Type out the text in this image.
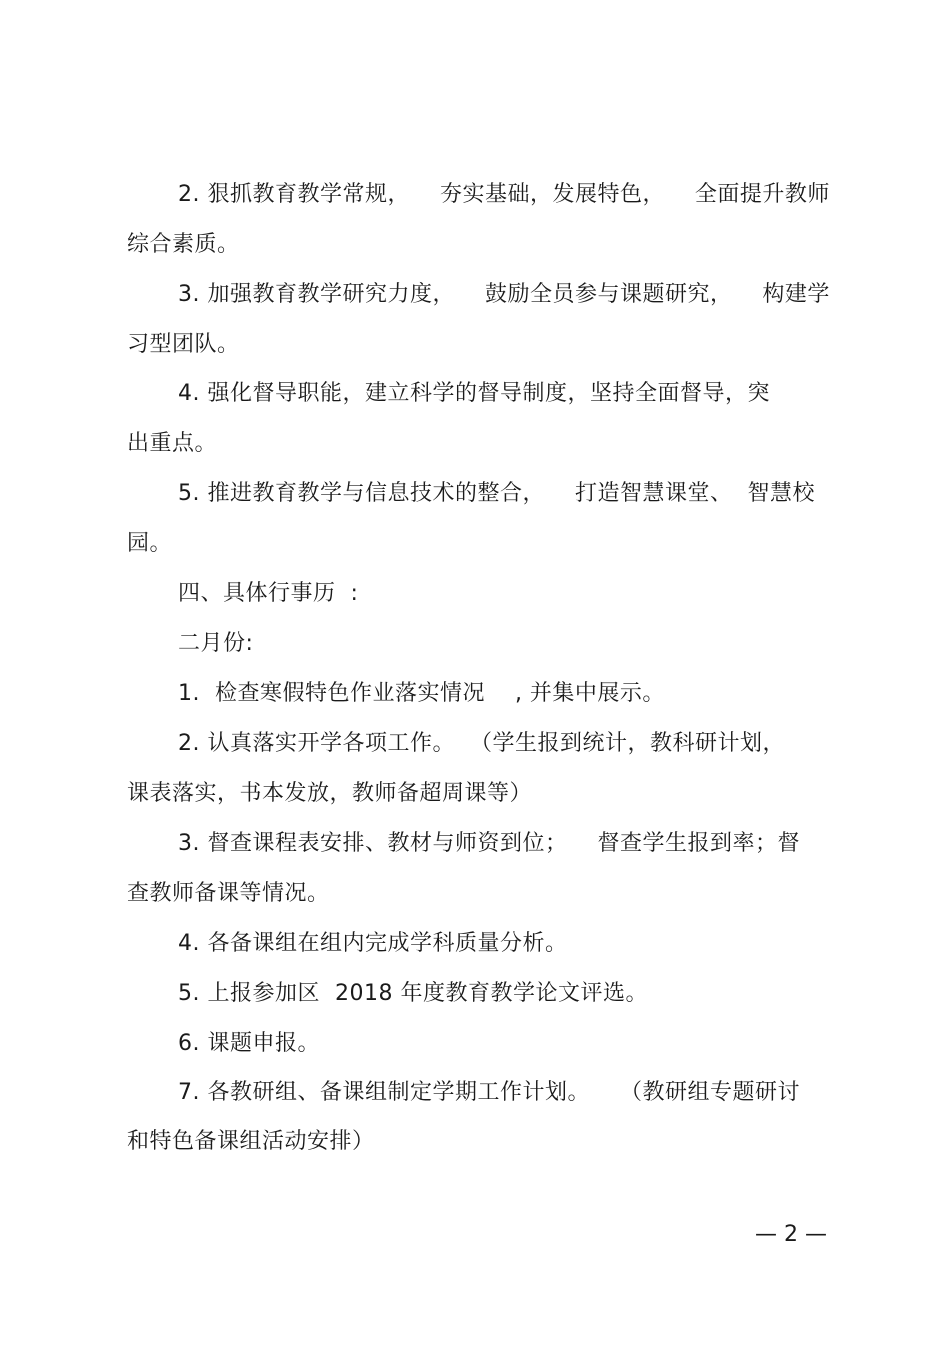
2. 狠抓教育教学常规，    夯实基础，发展特色，    全面提升教师
综合素质。
3. 加强教育教学研究力度，    鼓励全员参与课题研究，    构建学
习型团队。
4. 强化督导职能，建立科学的督导制度，坚持全面督导，突
出重点。
5. 推进教育教学与信息技术的整合，    打造智慧课堂、  智慧校
园。
四、具体行事历  :
二月份:
1.  检查寒假特色作业落实情况    , 并集中展示。
2. 认真落实开学各项工作。  （学生报到统计，教科研计划，
课表落实，书本发放，教师备超周课等）
3. 督查课程表安排、教材与师资到位；    督查学生报到率；督
查教师备课等情况。
4. 各备课组在组内完成学科质量分析。
5. 上报参加区  2018 年度教育教学论文评选。
6. 课题申报。
7. 各教研组、备课组制定学期工作计划。    （教研组专题研讨
和特色备课组活动安排）
— 2 —
